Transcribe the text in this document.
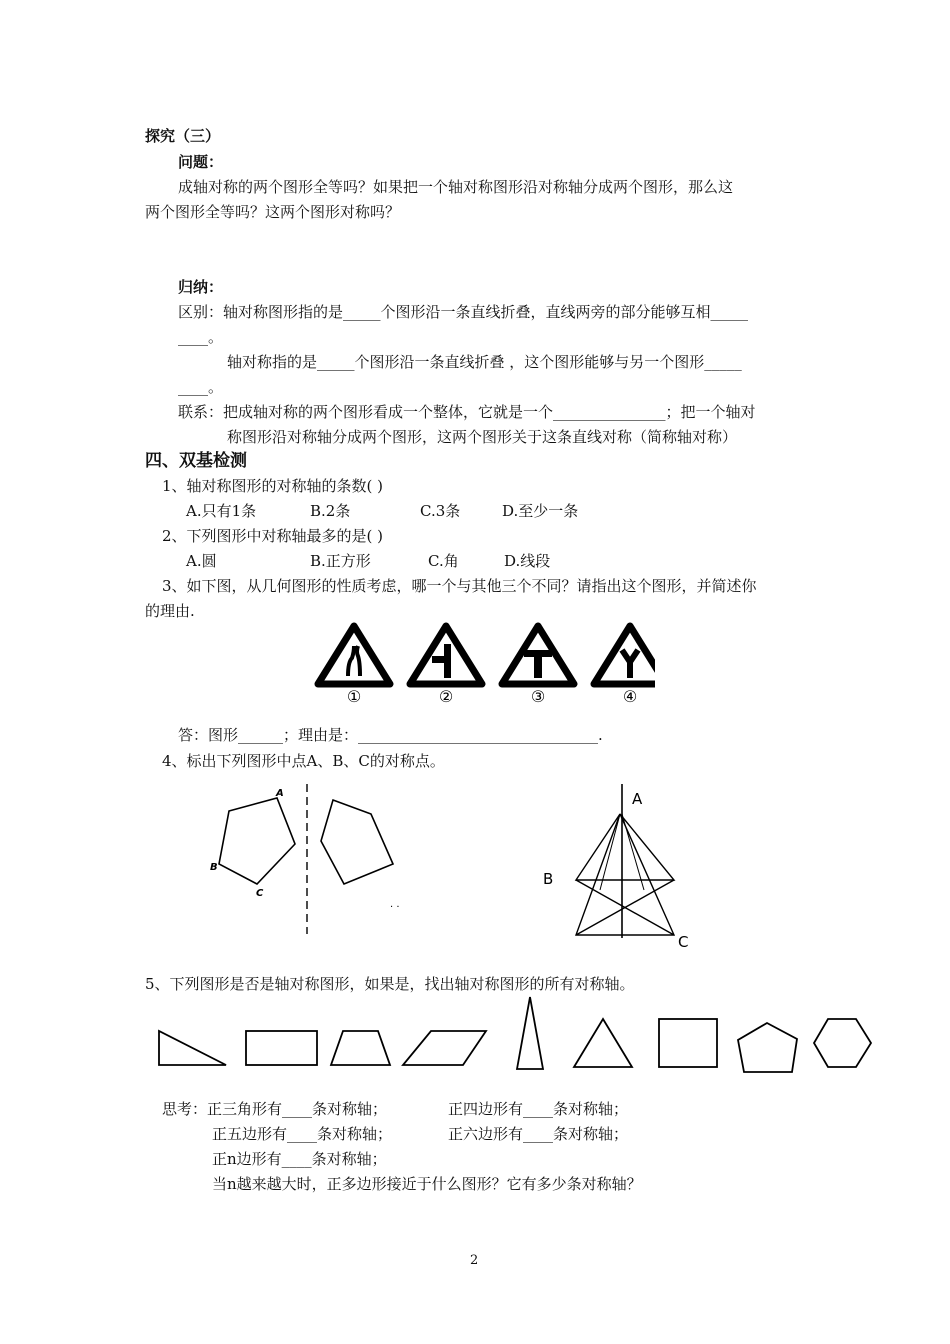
探究（三）
问题：
成轴对称的两个图形全等吗？如果把一个轴对称图形沿对称轴分成两个图形，那么这
两个图形全等吗？这两个图形对称吗？
归纳：
区别：轴对称图形指的是_____个图形沿一条直线折叠，直线两旁的部分能够互相_____
____。
轴对称指的是_____个图形沿一条直线折叠 ，这个图形能够与另一个图形_____
____。
联系：把成轴对称的两个图形看成一个整体，它就是一个_______________；把一个轴对
称图形沿对称轴分成两个图形，这两个图形关于这条直线对称（简称轴对称）
四、双基检测
1、轴对称图形的对称轴的条数( )
A.只有1条	B.2条	C.3条	D.至少一条
2、下列图形中对称轴最多的是( )
A.圆	B.正方形	C.角	D.线段
3、如下图，从几何图形的性质考虑，哪一个与其他三个不同？请指出这个图形，并简述你
的理由.
①	②	③	④
答：图形______；理由是：________________________________.
4、标出下列图形中点A、B、C的对称点。
A
B
C
· ·
A
B
C
5、下列图形是否是轴对称图形，如果是，找出轴对称图形的所有对称轴。
思考：正三角形有____条对称轴；	正四边形有____条对称轴；
正五边形有____条对称轴；	正六边形有____条对称轴；
正n边形有____条对称轴；
当n越来越大时，正多边形接近于什么图形？它有多少条对称轴？
2
